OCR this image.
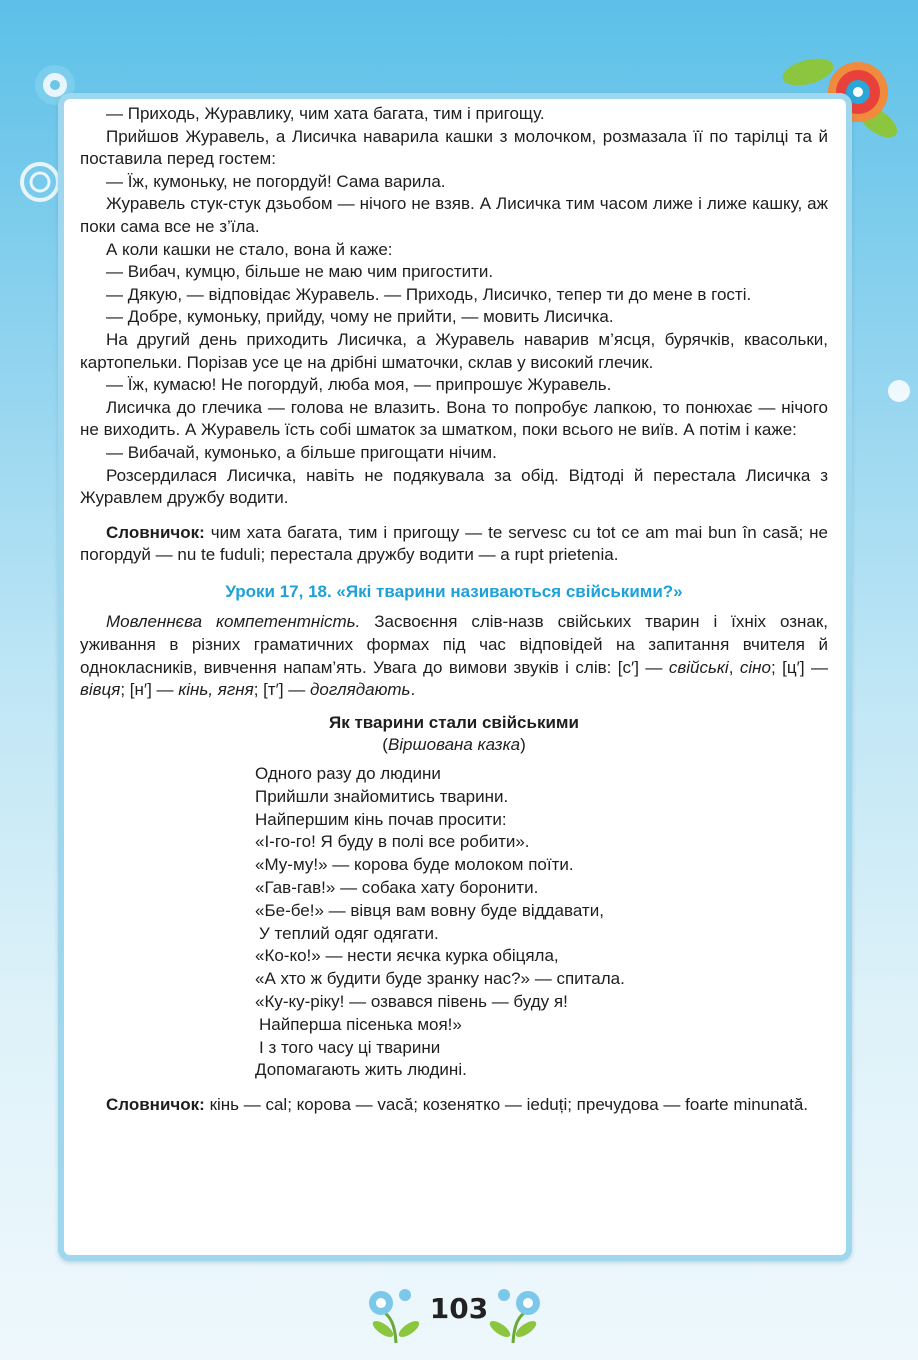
— Приходь, Журавлику, чим хата багата, тим і пригощу.

Прийшов Журавель, а Лисичка наварила кашки з молочком, розмазала її по тарілці та й поставила перед гостем:

— Їж, кумоньку, не погордуй! Сама варила.

Журавель стук-стук дзьобом — нічого не взяв. А Лисичка тим часом лиже і лиже кашку, аж поки сама все не з’їла.

А коли кашки не стало, вона й каже:

— Вибач, кумцю, більше не маю чим пригостити.

— Дякую, — відповідає Журавель. — Приходь, Лисичко, тепер ти до мене в гості.

— Добре, кумоньку, прийду, чому не прийти, — мовить Лисичка.

На другий день приходить Лисичка, а Журавель наварив м’ясця, бурячків, квасольки, картопельки. Порізав усе це на дрібні шматочки, склав у високий глечик.

— Їж, кумасю! Не погордуй, люба моя, — припрошує Журавель.

Лисичка до глечика — голова не влазить. Вона то попробує лапкою, то понюхає — нічого не виходить. А Журавель їсть собі шматок за шматком, поки всього не виїв. А потім і каже:

— Вибачай, кумонько, а більше пригощати нічим.

Розсердилася Лисичка, навіть не подякувала за обід. Відтоді й перестала Лисичка з Журавлем дружбу водити.

Словничок: чим хата багата, тим і пригощу — te servesc cu tot ce am mai bun în casă; не погордуй — nu te fuduli; перестала дружбу водити — a rupt prietenia.

Уроки 17, 18. «Які тварини називаються свійськими?»

Мовленнєва компетентність. Засвоєння слів-назв свійських тварин і їхніх ознак, уживання в різних граматичних формах під час відповідей на запитання вчителя й однокласників, вивчення напам’ять. Увага до вимови звуків і слів: [с′] — свійські, сіно; [ц′] — вівця; [н′] — кінь, ягня; [т′] — доглядають.

Як тварини стали свійськими
(Віршована казка)
Одного разу до людини
Прийшли знайомитись тварини.
Найпершим кінь почав просити:
«І-го-го! Я буду в полі все робити».
«Му-му!» — корова буде молоком поїти.
«Гав-гав!» — собака хату боронити.
«Бе-бе!» — вівця вам вовну буде віддавати,
У теплий одяг одягати.
«Ко-ко!» — нести яєчка курка обіцяла,
«А хто ж будити буде зранку нас?» — спитала.
«Ку-ку-ріку! — озвався півень — буду я!
Найперша пісенька моя!»
І з того часу ці тварини
Допомагають жить людині.

Словничок: кінь — cal; корова — vacă; козенятко — ieduți; пречудова — foarte minunată.

103
